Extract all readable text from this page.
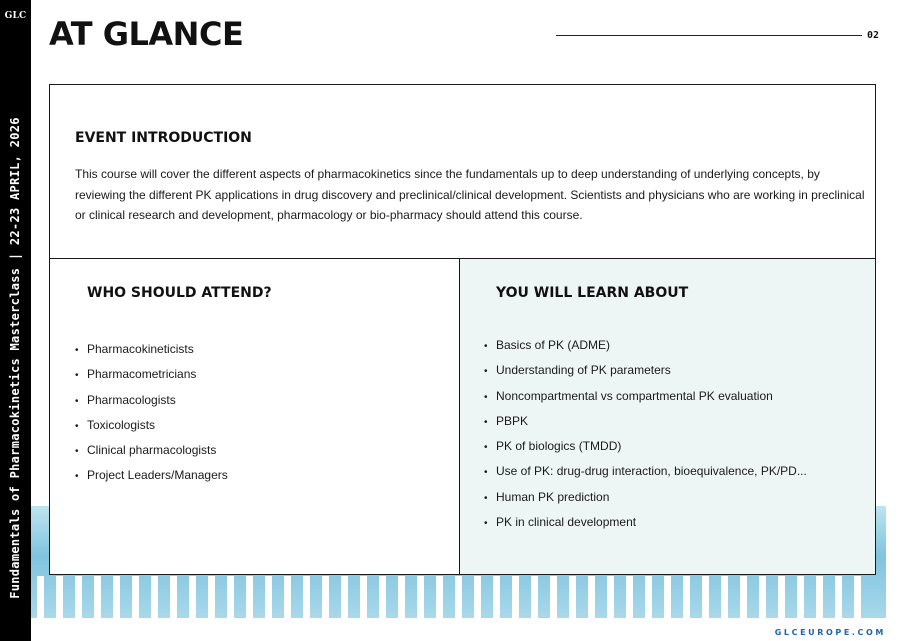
GLC
Fundamentals of Pharmacokinetics Masterclass | 22-23 APRIL, 2026
AT GLANCE	02
GLCEUROPE.COM
EVENT INTRODUCTION

This course will cover the different aspects of pharmacokinetics since the fundamentals up to deep understanding of underlying concepts, by reviewing the different PK applications in drug discovery and preclinical/clinical development. Scientists and physicians who are working in preclinical or clinical research and development, pharmacology or bio-pharmacy should attend this course.

WHO SHOULD ATTEND?
• Pharmacokineticists
• Pharmacometricians
• Pharmacologists
• Toxicologists
• Clinical pharmacologists
• Project Leaders/Managers
YOU WILL LEARN ABOUT
• Basics of PK (ADME)
• Understanding of PK parameters
• Noncompartmental vs compartmental PK evaluation
• PBPK
• PK of biologics (TMDD)
• Use of PK: drug-drug interaction, bioequivalence, PK/PD...
• Human PK prediction
• PK in clinical development
